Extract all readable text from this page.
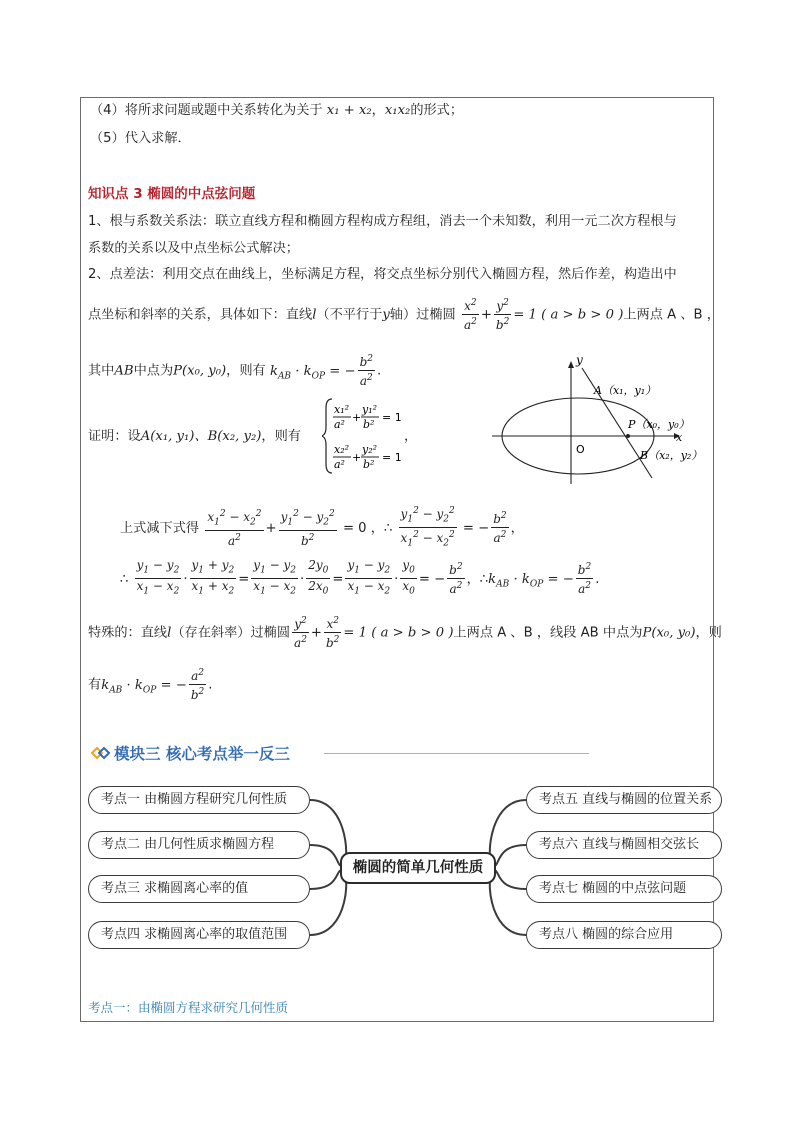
（4）将所求问题或题中关系转化为关于 x₁ + x₂，x₁x₂的形式；
（5）代入求解．
知识点 3 椭圆的中点弦问题
1、根与系数关系法：联立直线方程和椭圆方程构成方程组，消去一个未知数，利用一元二次方程根与
系数的关系以及中点坐标公式解决；
2、点差法：利用交点在曲线上，坐标满足方程，将交点坐标分别代入椭圆方程，然后作差，构造出中
点坐标和斜率的关系，具体如下：直线l（不平行于y轴）过椭圆 $\frac{x^2}{a^2} + \frac{y^2}{b^2} = 1$ ( a > b > 0 )上两点 A 、B ，
其中AB中点为P(x₀, y₀)，则有 $k_{AB} \cdot k_{OP}$ = − $\frac{b^2}{a^2}$ .
证明：设A(x₁, y₁)、B(x₂, y₂)，则有
x₁²
a²
+
y₁²
b²
= 1
x₂²
a²
+
y₂²
b²
= 1
，
y
x
O
A（x₁，y₁）
P（x₀，y₀）
B（x₂，y₂）
上式减下式得 $\frac{x_1^2 - x_2^2}{a^2} + \frac{y_1^2 - y_2^2}{b^2} = 0$ ，∴ $\frac{y_1^2 - y_2^2}{x_1^2 - x_2^2}$ = − $\frac{b^2}{a^2}$ ，
∴ $\frac{y_1 - y_2}{x_1 - x_2} \cdot \frac{y_1 + y_2}{x_1 + x_2} = \frac{y_1 - y_2}{x_1 - x_2} \cdot \frac{2y_0}{2x_0} = \frac{y_1 - y_2}{x_1 - x_2} \cdot \frac{y_0}{x_0}$ = − $\frac{b^2}{a^2}$ ，$\therefore k_{AB} \cdot k_{OP}$ = − $\frac{b^2}{a^2}$ .
特殊的：直线l（存在斜率）过椭圆 $\frac{y^2}{a^2} + \frac{x^2}{b^2} = 1$ ( a > b > 0 )上两点 A 、B ，线段 AB 中点为P(x₀, y₀)，则
有$k_{AB} \cdot k_{OP}$ = − $\frac{a^2}{b^2}$ .
模块三 核心考点举一反三
考点一 由椭圆方程研究几何性质
考点二 由几何性质求椭圆方程
考点三 求椭圆离心率的值
考点四 求椭圆离心率的取值范围
椭圆的简单几何性质
考点五 直线与椭圆的位置关系
考点六 直线与椭圆相交弦长
考点七 椭圆的中点弦问题
考点八 椭圆的综合应用
考点一：由椭圆方程求研究几何性质
